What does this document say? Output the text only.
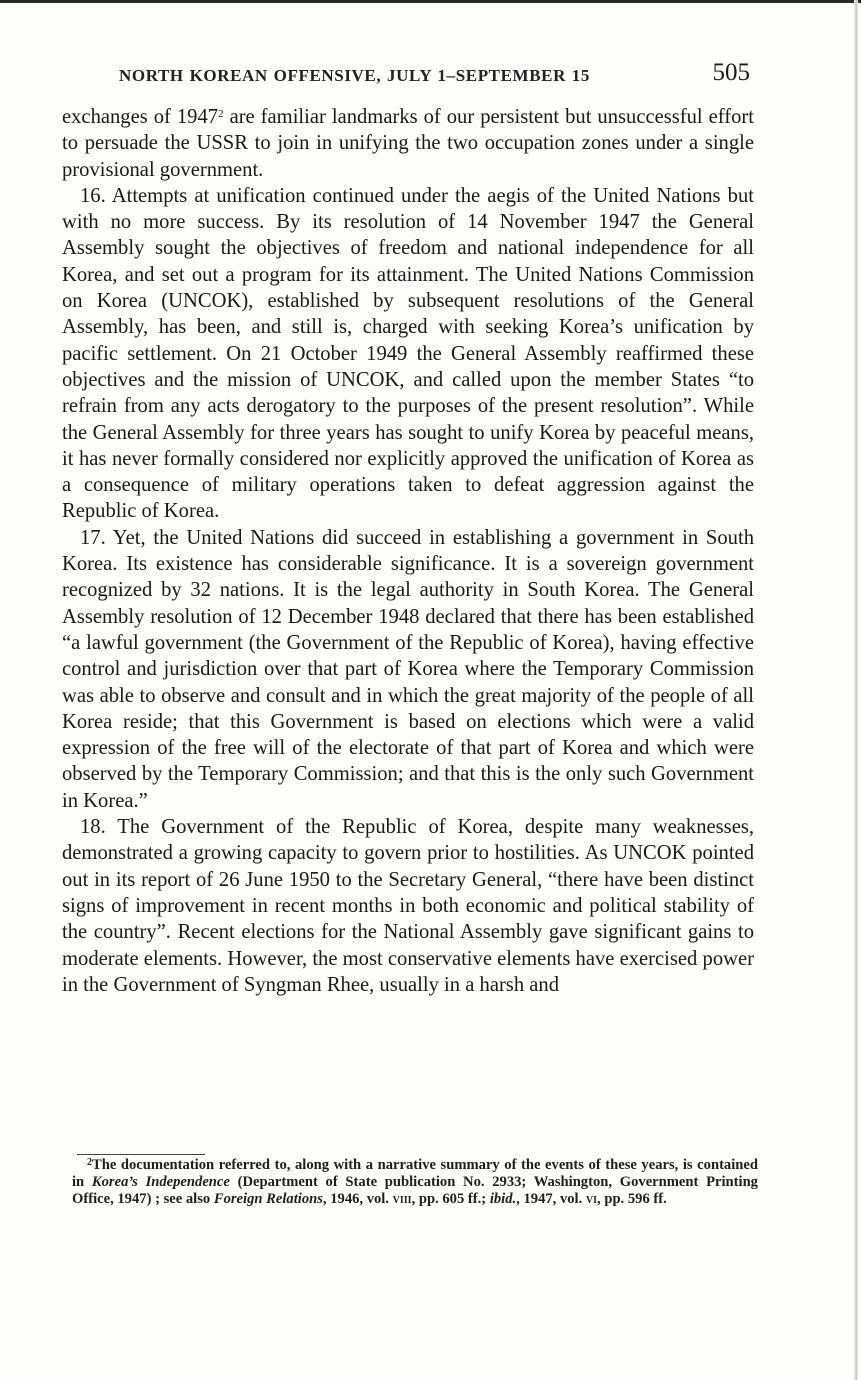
NORTH KOREAN OFFENSIVE, JULY 1–SEPTEMBER 15	505

exchanges of 1947$^2$ are familiar landmarks of our persistent but unsuccessful effort to persuade the USSR to join in unifying the two occupation zones under a single provisional government.

16. Attempts at unification continued under the aegis of the United Nations but with no more success. By its resolution of 14 November 1947 the General Assembly sought the objectives of freedom and national independence for all Korea, and set out a program for its attainment. The United Nations Commission on Korea (UNCOK), established by subsequent resolutions of the General Assembly, has been, and still is, charged with seeking Korea’s unification by pacific settlement. On 21 October 1949 the General Assembly reaffirmed these objectives and the mission of UNCOK, and called upon the member States “to refrain from any acts derogatory to the purposes of the present resolution”. While the General Assembly for three years has sought to unify Korea by peaceful means, it has never formally considered nor explicitly approved the unification of Korea as a consequence of military operations taken to defeat aggression against the Republic of Korea.

17. Yet, the United Nations did succeed in establishing a government in South Korea. Its existence has considerable significance. It is a sovereign government recognized by 32 nations. It is the legal authority in South Korea. The General Assembly resolution of 12 December 1948 declared that there has been established “a lawful government (the Government of the Republic of Korea), having effective control and jurisdiction over that part of Korea where the Temporary Commission was able to observe and consult and in which the great majority of the people of all Korea reside; that this Government is based on elections which were a valid expression of the free will of the electorate of that part of Korea and which were observed by the Temporary Commission; and that this is the only such Government in Korea.”

18. The Government of the Republic of Korea, despite many weaknesses, demonstrated a growing capacity to govern prior to hostilities. As UNCOK pointed out in its report of 26 June 1950 to the Secretary General, “there have been distinct signs of improvement in recent months in both economic and political stability of the country”. Recent elections for the National Assembly gave significant gains to moderate elements. However, the most conservative elements have exercised power in the Government of Syngman Rhee, usually in a harsh and

$^2$The documentation referred to, along with a narrative summary of the events of these years, is contained in Korea’s Independence (Department of State publication No. 2933; Washington, Government Printing Office, 1947) ; see also Foreign Relations, 1946, vol. viii, pp. 605 ff.; ibid., 1947, vol. vi, pp. 596 ff.
